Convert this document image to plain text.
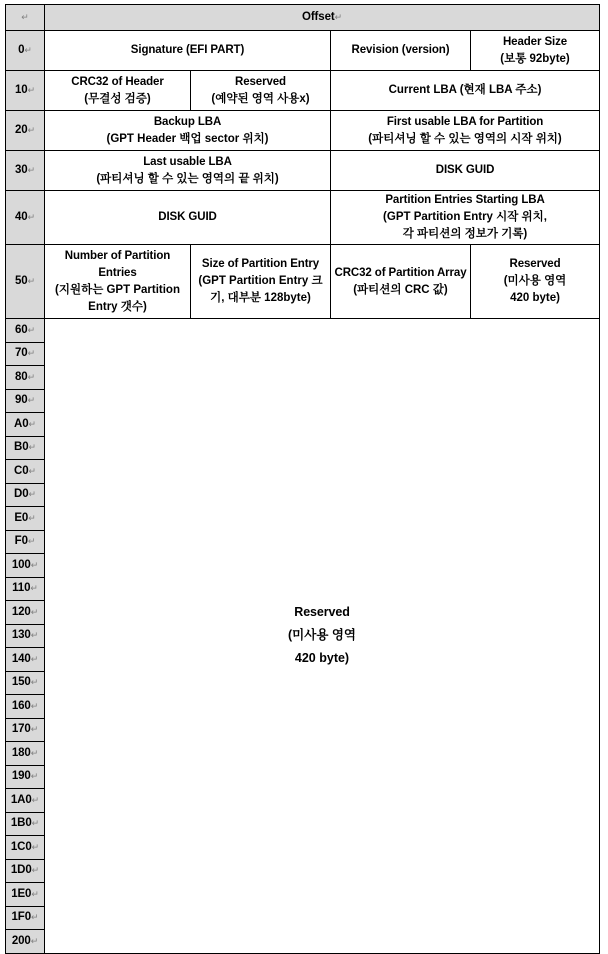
↵	Offset↵			
0↵	Signature (EFI PART)		Revision (version)	Header Size
(보통 92byte)

10↵	CRC32 of Header
(무결성 검증)	Reserved
(예약된 영역 사용x)	Current LBA (현재 LBA 주소)	

20↵	Backup LBA
(GPT Header 백업 sector 위치)		First usable LBA for Partition
(파티셔닝 할 수 있는 영역의 시작 위치)	

30↵	Last usable LBA
(파티셔닝 할 수 있는 영역의 끝 위치)		DISK GUID	

40↵	DISK GUID		Partition Entries Starting LBA
(GPT Partition Entry 시작 위치,
각 파티션의 정보가 기록)	

50↵	Number of Partition
Entries
(지원하는 GPT Partition
Entry 갯수)	Size of Partition Entry
(GPT Partition Entry 크
기, 대부분 128byte)	CRC32 of Partition Array
(파티션의 CRC 값)	Reserved
(미사용 영역
420 byte)

60↵	Reserved
(미사용 영역
420 byte)			

70↵				
80↵				
90↵				
A0↵				
B0↵				
C0↵				
D0↵				
E0↵				
F0↵				
100↵				
110↵				
120↵				
130↵				
140↵				
150↵				
160↵				
170↵				
180↵				
190↵				
1A0↵				
1B0↵				
1C0↵				
1D0↵				
1E0↵				
1F0↵				
200↵				
